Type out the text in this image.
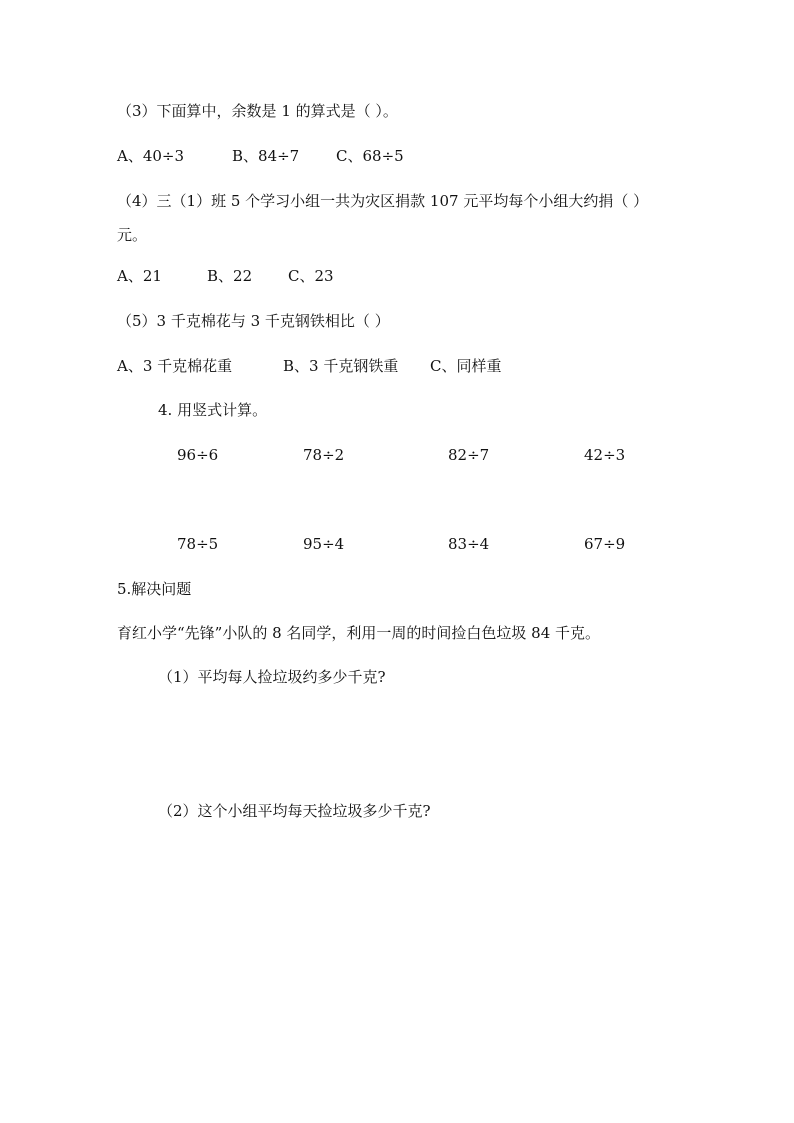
（3）下面算中，余数是 1 的算式是（ ）。
A、40÷3	B、84÷7 C、68÷5
（4）三（1）班 5 个学习小组一共为灾区捐款 107 元平均每个小组大约捐（ ）
元。
A、21	B、22 C、23
（5）3 千克棉花与 3 千克钢铁相比（ ）
A、3 千克棉花重	B、3 千克钢铁重 C、同样重
4. 用竖式计算。
96÷6	78÷2	82÷7	42÷3
78÷5	95÷4	83÷4	67÷9
5.解决问题
育红小学“先锋”小队的 8 名同学，利用一周的时间捡白色垃圾 84 千克。
（1）平均每人捡垃圾约多少千克?
（2）这个小组平均每天捡垃圾多少千克?
